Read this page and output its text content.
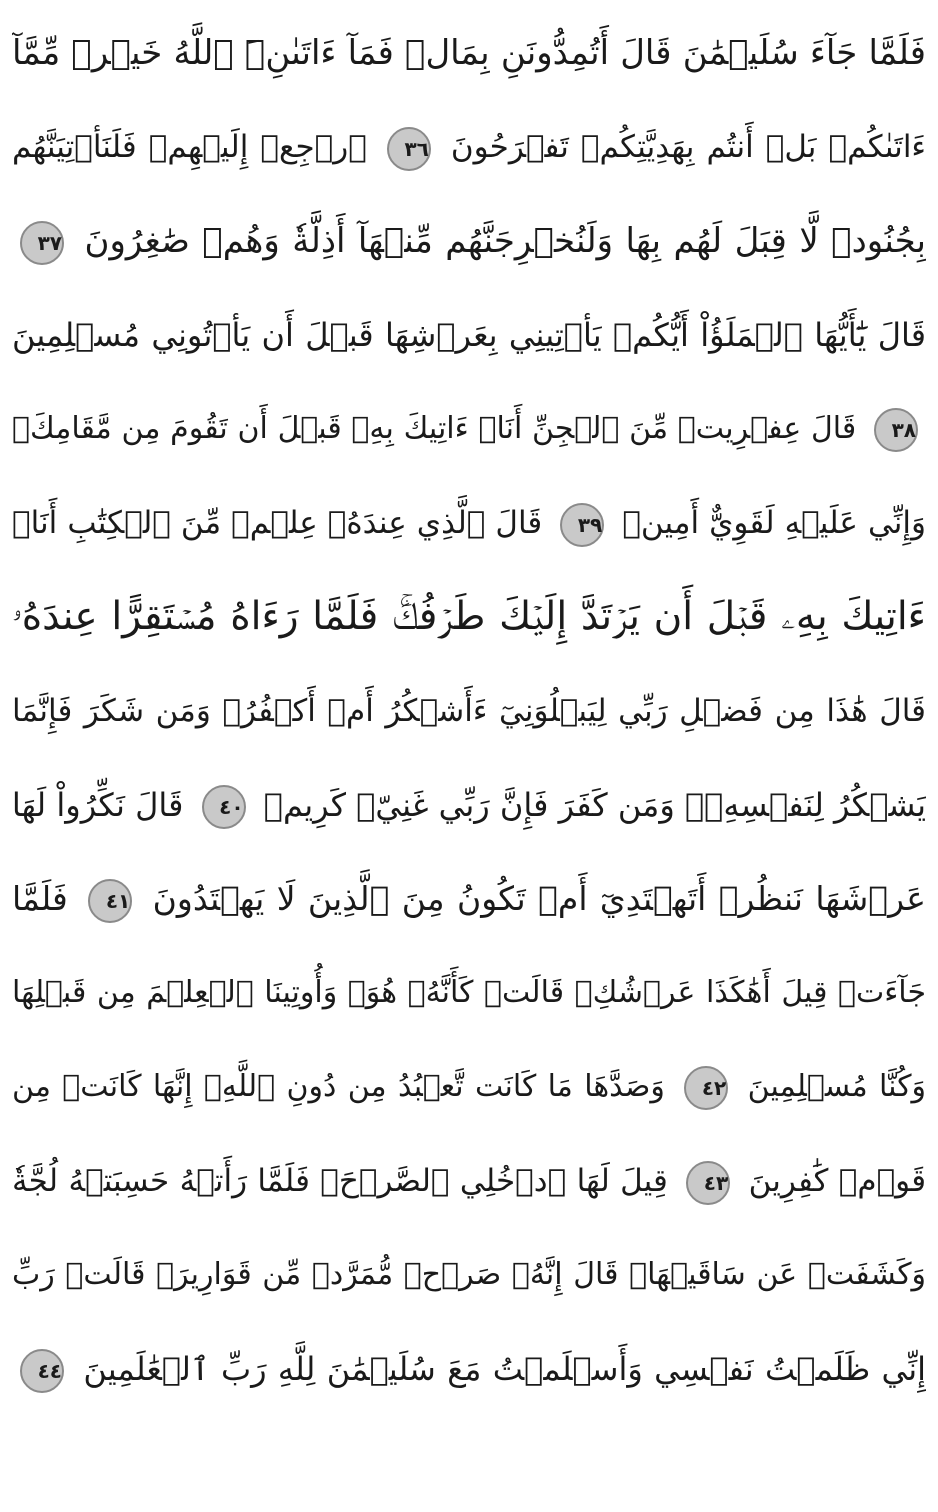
فَلَمَّا جَآءَ سُلَيۡمَٰنَ قَالَ أَتُمِدُّونَنِ بِمَالٖ فَمَآ ءَاتَىٰنِۦَ ٱللَّهُ خَيۡرٞ مِّمَّآ
ءَاتَىٰكُمۚ بَلۡ أَنتُم بِهَدِيَّتِكُمۡ تَفۡرَحُونَ ٣٦ ٱرۡجِعۡ إِلَيۡهِمۡ فَلَنَأۡتِيَنَّهُم
بِجُنُودٖ لَّا قِبَلَ لَهُم بِهَا وَلَنُخۡرِجَنَّهُم مِّنۡهَآ أَذِلَّةٗ وَهُمۡ صَٰغِرُونَ ٣٧
قَالَ يَٰٓأَيُّهَا ٱلۡمَلَؤُاْ أَيُّكُمۡ يَأۡتِينِي بِعَرۡشِهَا قَبۡلَ أَن يَأۡتُونِي مُسۡلِمِينَ
٣٨ قَالَ عِفۡرِيتٞ مِّنَ ٱلۡجِنِّ أَنَا۠ ءَاتِيكَ بِهِۦ قَبۡلَ أَن تَقُومَ مِن مَّقَامِكَۖ
وَإِنِّي عَلَيۡهِ لَقَوِيٌّ أَمِينٞ ٣٩ قَالَ ٱلَّذِي عِندَهُۥ عِلۡمٞ مِّنَ ٱلۡكِتَٰبِ أَنَا۠
ءَاتِيكَ بِهِۦ قَبۡلَ أَن يَرۡتَدَّ إِلَيۡكَ طَرۡفُكَۚ فَلَمَّا رَءَاهُ مُسۡتَقِرًّا عِندَهُۥ
قَالَ هَٰذَا مِن فَضۡلِ رَبِّي لِيَبۡلُوَنِيٓ ءَأَشۡكُرُ أَمۡ أَكۡفُرُۖ وَمَن شَكَرَ فَإِنَّمَا
يَشۡكُرُ لِنَفۡسِهِۦۖ وَمَن كَفَرَ فَإِنَّ رَبِّي غَنِيّٞ كَرِيمٞ ٤٠ قَالَ نَكِّرُواْ لَهَا
عَرۡشَهَا نَنظُرۡ أَتَهۡتَدِيٓ أَمۡ تَكُونُ مِنَ ٱلَّذِينَ لَا يَهۡتَدُونَ ٤١ فَلَمَّا
جَآءَتۡ قِيلَ أَهَٰكَذَا عَرۡشُكِۖ قَالَتۡ كَأَنَّهُۥ هُوَۚ وَأُوتِينَا ٱلۡعِلۡمَ مِن قَبۡلِهَا
وَكُنَّا مُسۡلِمِينَ ٤٢ وَصَدَّهَا مَا كَانَت تَّعۡبُدُ مِن دُونِ ٱللَّهِۖ إِنَّهَا كَانَتۡ مِن
قَوۡمٖ كَٰفِرِينَ ٤٣ قِيلَ لَهَا ٱدۡخُلِي ٱلصَّرۡحَۖ فَلَمَّا رَأَتۡهُ حَسِبَتۡهُ لُجَّةٗ
وَكَشَفَتۡ عَن سَاقَيۡهَاۚ قَالَ إِنَّهُۥ صَرۡحٞ مُّمَرَّدٞ مِّن قَوَارِيرَۗ قَالَتۡ رَبِّ
إِنِّي ظَلَمۡتُ نَفۡسِي وَأَسۡلَمۡتُ مَعَ سُلَيۡمَٰنَ لِلَّهِ رَبِّ ٱلۡعَٰلَمِينَ ٤٤
